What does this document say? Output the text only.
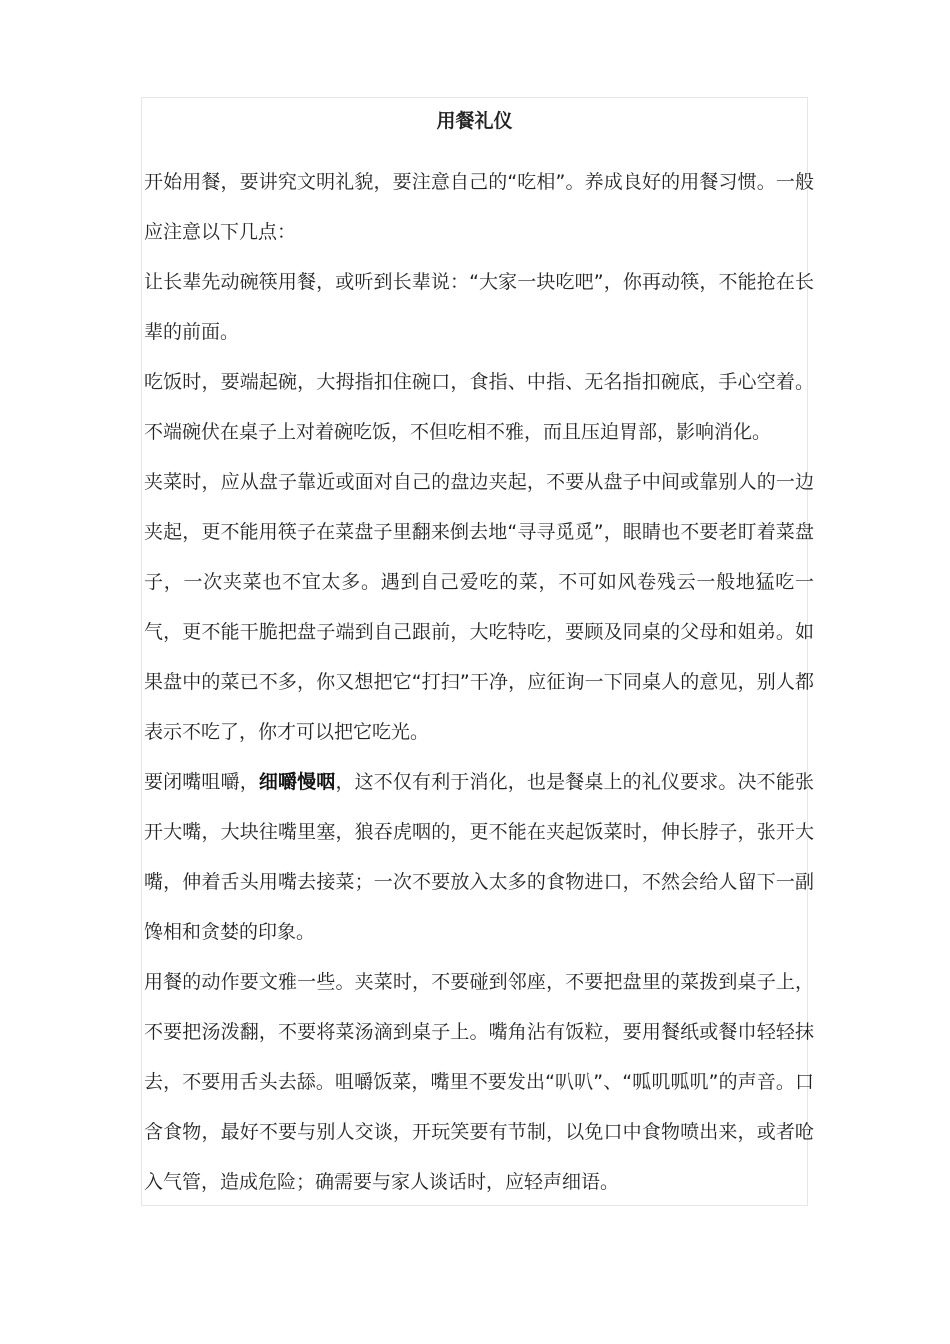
用餐礼仪

开始用餐，要讲究文明礼貌，要注意自己的“吃相”。养成良好的用餐习惯。一般应注意以下几点：

让长辈先动碗筷用餐，或听到长辈说：“大家一块吃吧”，你再动筷，不能抢在长辈的前面。

吃饭时，要端起碗，大拇指扣住碗口，食指、中指、无名指扣碗底，手心空着。不端碗伏在桌子上对着碗吃饭，不但吃相不雅，而且压迫胃部，影响消化。

夹菜时，应从盘子靠近或面对自己的盘边夹起，不要从盘子中间或靠别人的一边夹起，更不能用筷子在菜盘子里翻来倒去地“寻寻觅觅”，眼睛也不要老盯着菜盘子，一次夹菜也不宜太多。遇到自己爱吃的菜，不可如风卷残云一般地猛吃一气，更不能干脆把盘子端到自己跟前，大吃特吃，要顾及同桌的父母和姐弟。如果盘中的菜已不多，你又想把它“打扫”干净，应征询一下同桌人的意见，别人都表示不吃了，你才可以把它吃光。

要闭嘴咀嚼，细嚼慢咽，这不仅有利于消化，也是餐桌上的礼仪要求。决不能张开大嘴，大块往嘴里塞，狼吞虎咽的，更不能在夹起饭菜时，伸长脖子，张开大嘴，伸着舌头用嘴去接菜；一次不要放入太多的食物进口，不然会给人留下一副馋相和贪婪的印象。

用餐的动作要文雅一些。夹菜时，不要碰到邻座，不要把盘里的菜拨到桌子上，不要把汤泼翻，不要将菜汤滴到桌子上。嘴角沾有饭粒，要用餐纸或餐巾轻轻抹去，不要用舌头去舔。咀嚼饭菜，嘴里不要发出“叭叭”、“呱叽呱叽”的声音。口含食物，最好不要与别人交谈，开玩笑要有节制，以免口中食物喷出来，或者呛入气管，造成危险；确需要与家人谈话时，应轻声细语。
